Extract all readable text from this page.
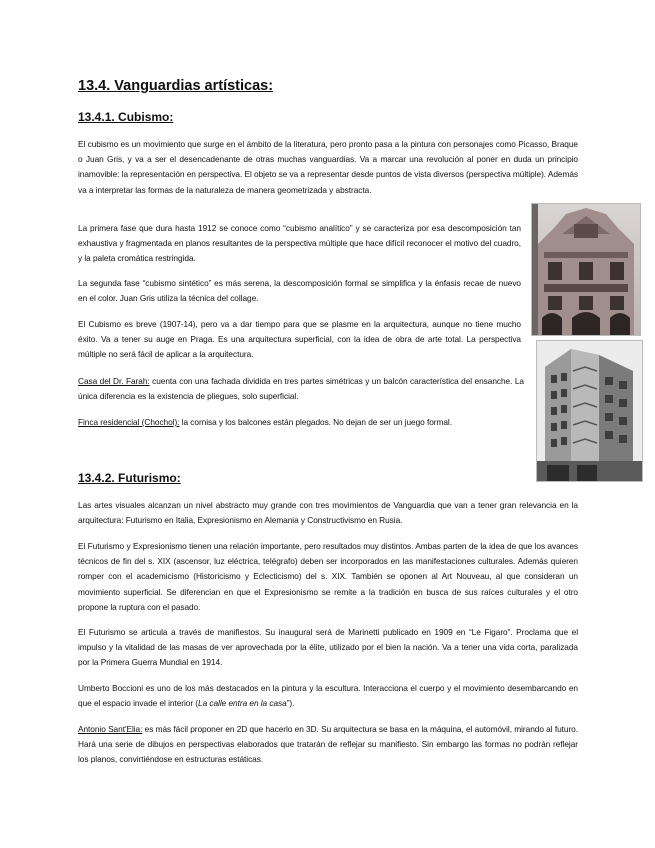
13.4. Vanguardias artísticas:
13.4.1. Cubismo:

El cubismo es un movimiento que surge en el ámbito de la literatura, pero pronto pasa a la pintura con personajes como Picasso, Braque o Juan Gris, y va a ser el desencadenante de otras muchas vanguardias. Va a marcar una revolución al poner en duda un principio inamovible: la representación en perspectiva. El objeto se va a representar desde puntos de vista diversos (perspectiva múltiple). Además va a interpretar las formas de la naturaleza de manera geometrizada y abstracta.

La primera fase que dura hasta 1912 se conoce como “cubismo analítico” y se caracteriza por esa descomposición tan exhaustiva y fragmentada en planos resultantes de la perspectiva múltiple que hace difícil reconocer el motivo del cuadro, y la paleta cromática restringida.

La segunda fase “cubismo sintético” es más serena, la descomposición formal se simplifica y la énfasis recae de nuevo en el color. Juan Gris utiliza la técnica del collage.

El Cubismo es breve (1907-14), pero va a dar tiempo para que se plasme en la arquitectura, aunque no tiene mucho éxito. Va a tener su auge en Praga. Es una arquitectura superficial, con la idea de obra de arte total. La perspectiva múltiple no será fácil de aplicar a la arquitectura.

Casa del Dr. Farah: cuenta con una fachada dividida en tres partes simétricas y un balcón característica del ensanche. La única diferencia es la existencia de pliegues, solo superficial.

Finca residencial (Chochol): la cornisa y los balcones están plegados. No dejan de ser un juego formal.

13.4.2. Futurismo:

Las artes visuales alcanzan un nivel abstracto muy grande con tres movimientos de Vanguardia que van a tener gran relevancia en la arquitectura: Futurismo en Italia, Expresionismo en Alemania y Constructivismo en Rusia.

El Futurismo y Expresionismo tienen una relación importante, pero resultados muy distintos. Ambas parten de la idea de que los avances técnicos de fin del s. XIX (ascensor, luz eléctrica, telégrafo) deben ser incorporados en las manifestaciones culturales. Además quieren romper con el academicismo (Historicismo y Eclecticismo) del s. XIX. También se oponen al Art Nouveau, al que consideran un movimiento superficial. Se diferencian en que el Expresionismo se remite a la tradición en busca de sus raíces culturales y el otro propone la ruptura con el pasado.

El Futurismo se articula a través de manifiestos. Su inaugural será de Marinetti publicado en 1909 en “Le Figaro”. Proclama que el impulso y la vitalidad de las masas de ver aprovechada por la élite, utilizado por el bien la nación. Va a tener una vida corta, paralizada por la Primera Guerra Mundial en 1914.

Umberto Boccioni es uno de los más destacados en la pintura y la escultura. Interacciona el cuerpo y el movimiento desembarcando en que el espacio invade el interior (La calle entra en la casa”).

Antonio Sant'Elia: es más fácil proponer en 2D que hacerlo en 3D. Su arquitectura se basa en la máquina, el automóvil, mirando al futuro. Hará una serie de dibujos en perspectivas elaborados que tratarán de reflejar su manifiesto. Sin embargo las formas no podrán reflejar los planos, convirtiéndose en estructuras estáticas.
